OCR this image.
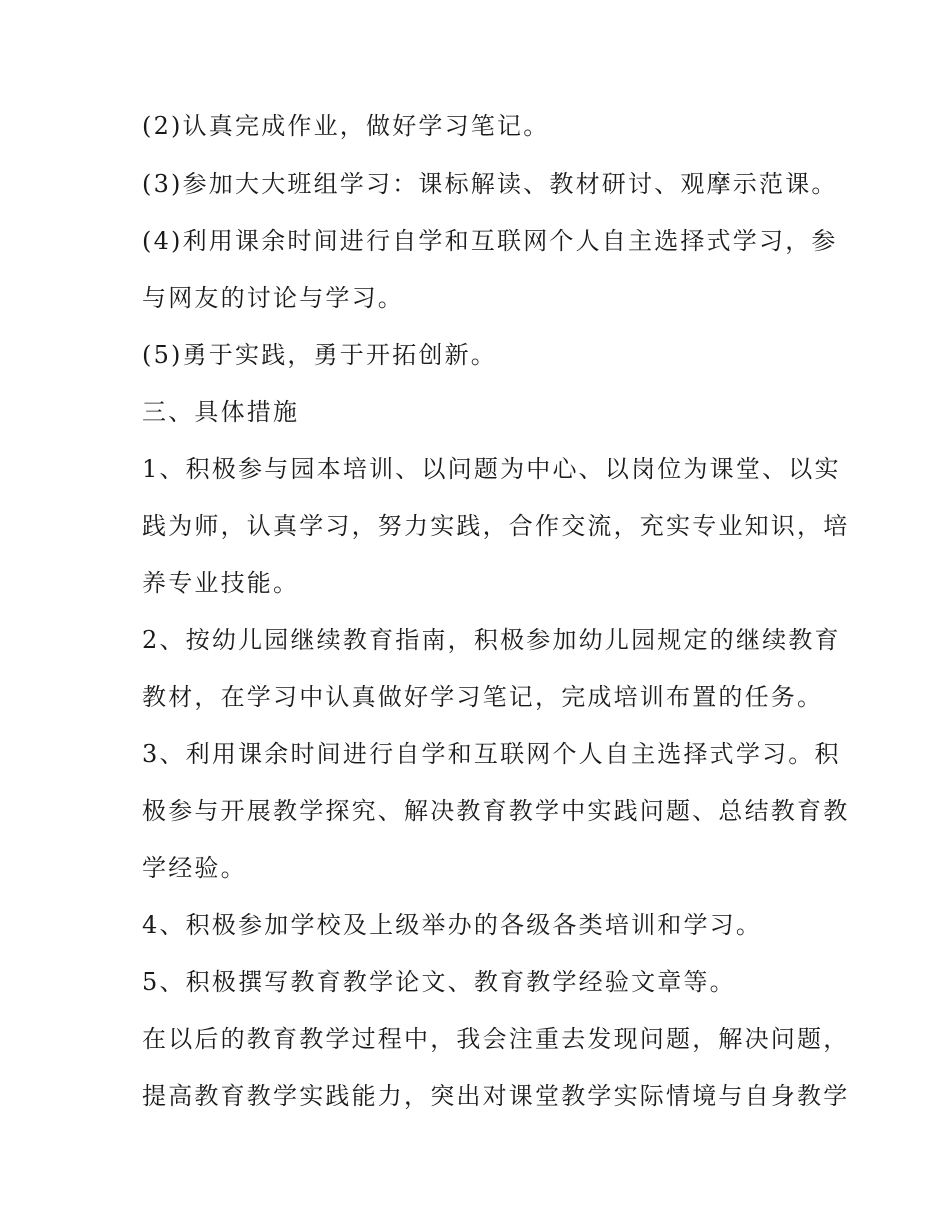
(2)认真完成作业，做好学习笔记。
(3)参加大大班组学习：课标解读、教材研讨、观摩示范课。
(4)利用课余时间进行自学和互联网个人自主选择式学习，参
与网友的讨论与学习。
(5)勇于实践，勇于开拓创新。
三、具体措施
1、积极参与园本培训、以问题为中心、以岗位为课堂、以实
践为师，认真学习，努力实践，合作交流，充实专业知识，培
养专业技能。
2、按幼儿园继续教育指南，积极参加幼儿园规定的继续教育
教材，在学习中认真做好学习笔记，完成培训布置的任务。
3、利用课余时间进行自学和互联网个人自主选择式学习。积
极参与开展教学探究、解决教育教学中实践问题、总结教育教
学经验。
4、积极参加学校及上级举办的各级各类培训和学习。
5、积极撰写教育教学论文、教育教学经验文章等。
在以后的教育教学过程中，我会注重去发现问题，解决问题，
提高教育教学实践能力，突出对课堂教学实际情境与自身教学
